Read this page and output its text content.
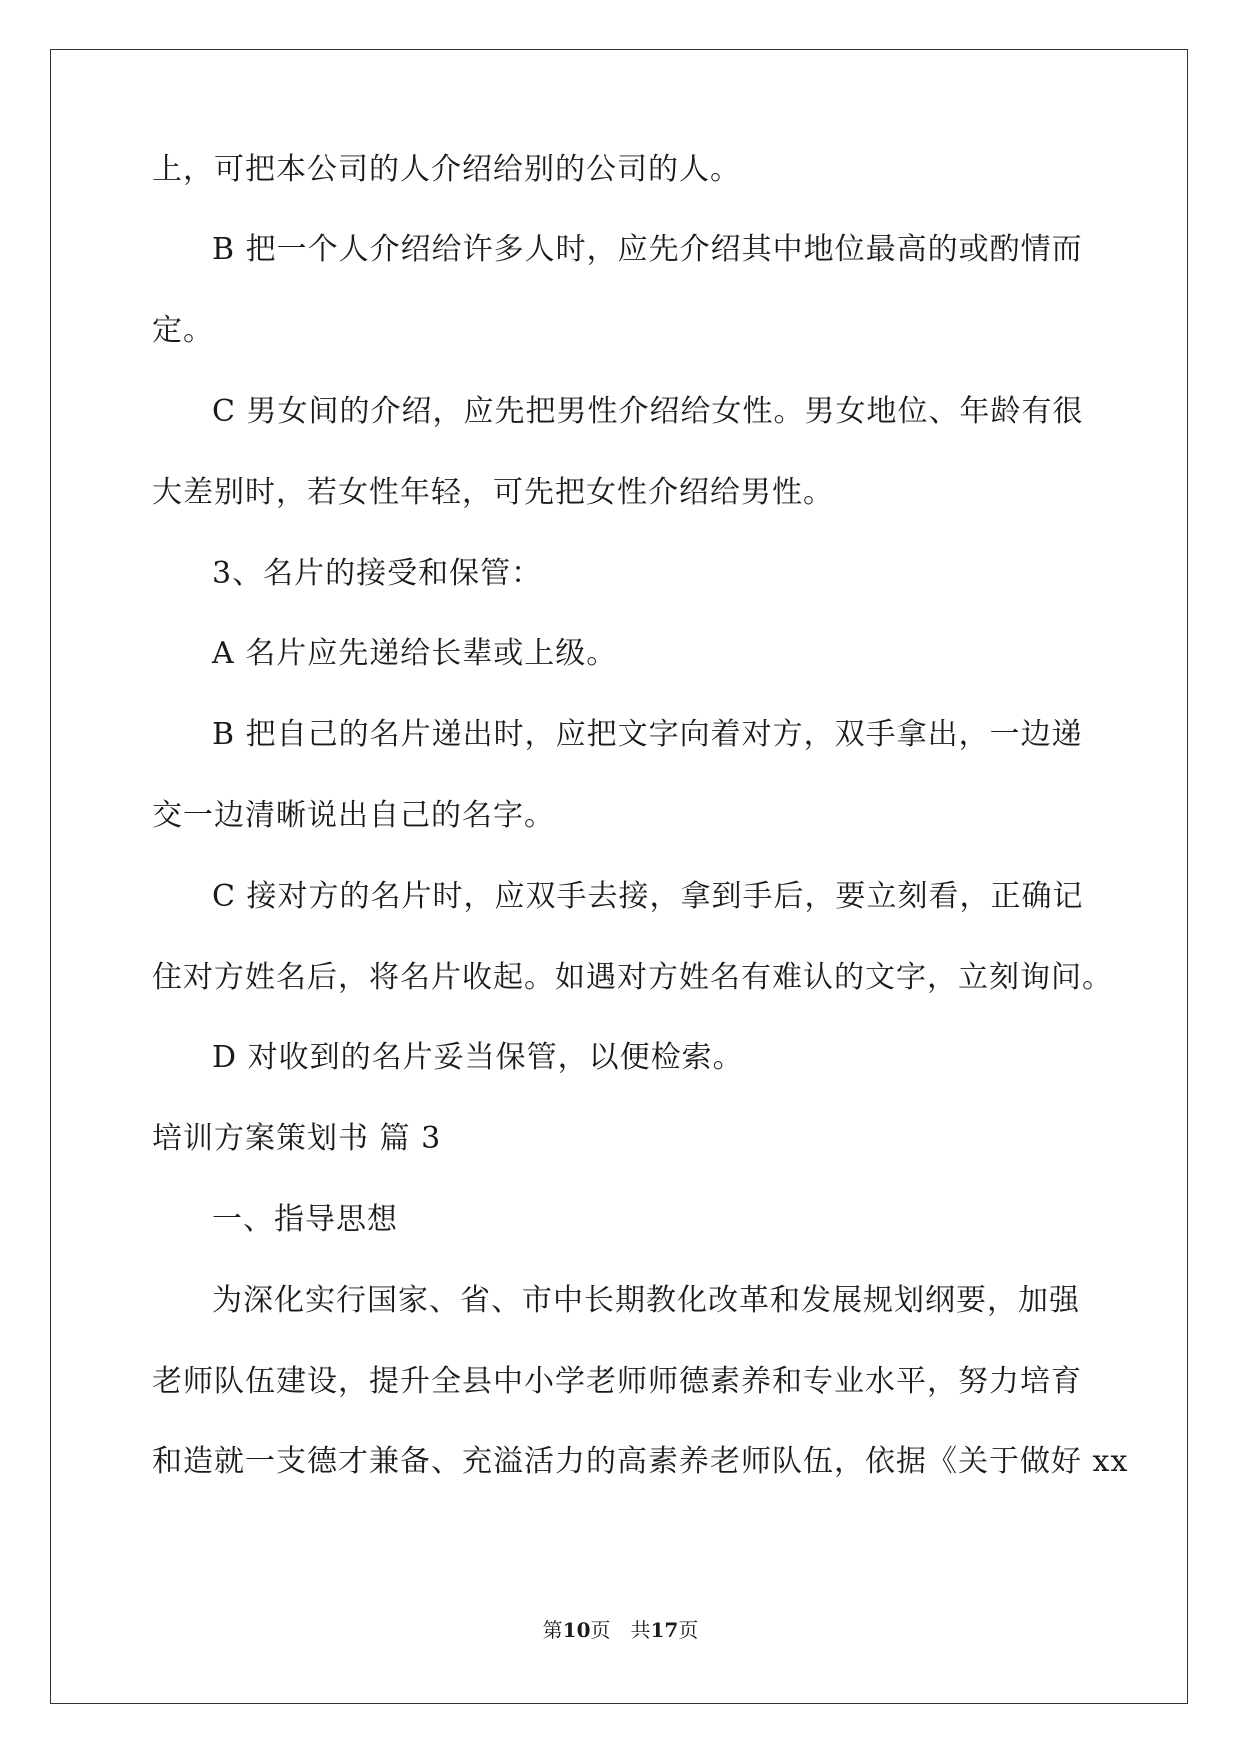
上，可把本公司的人介绍给别的公司的人。
B 把一个人介绍给许多人时，应先介绍其中地位最高的或酌情而
定。
C 男女间的介绍，应先把男性介绍给女性。男女地位、年龄有很
大差别时，若女性年轻，可先把女性介绍给男性。
3、名片的接受和保管：
A 名片应先递给长辈或上级。
B 把自己的名片递出时，应把文字向着对方，双手拿出，一边递
交一边清晰说出自己的名字。
C 接对方的名片时，应双手去接，拿到手后，要立刻看，正确记
住对方姓名后，将名片收起。如遇对方姓名有难认的文字，立刻询问。
D 对收到的名片妥当保管，以便检索。
培训方案策划书 篇 3
一、指导思想
为深化实行国家、省、市中长期教化改革和发展规划纲要，加强
老师队伍建设，提升全县中小学老师师德素养和专业水平，努力培育
和造就一支德才兼备、充溢活力的高素养老师队伍，依据《关于做好 xx
第10页　共17页
